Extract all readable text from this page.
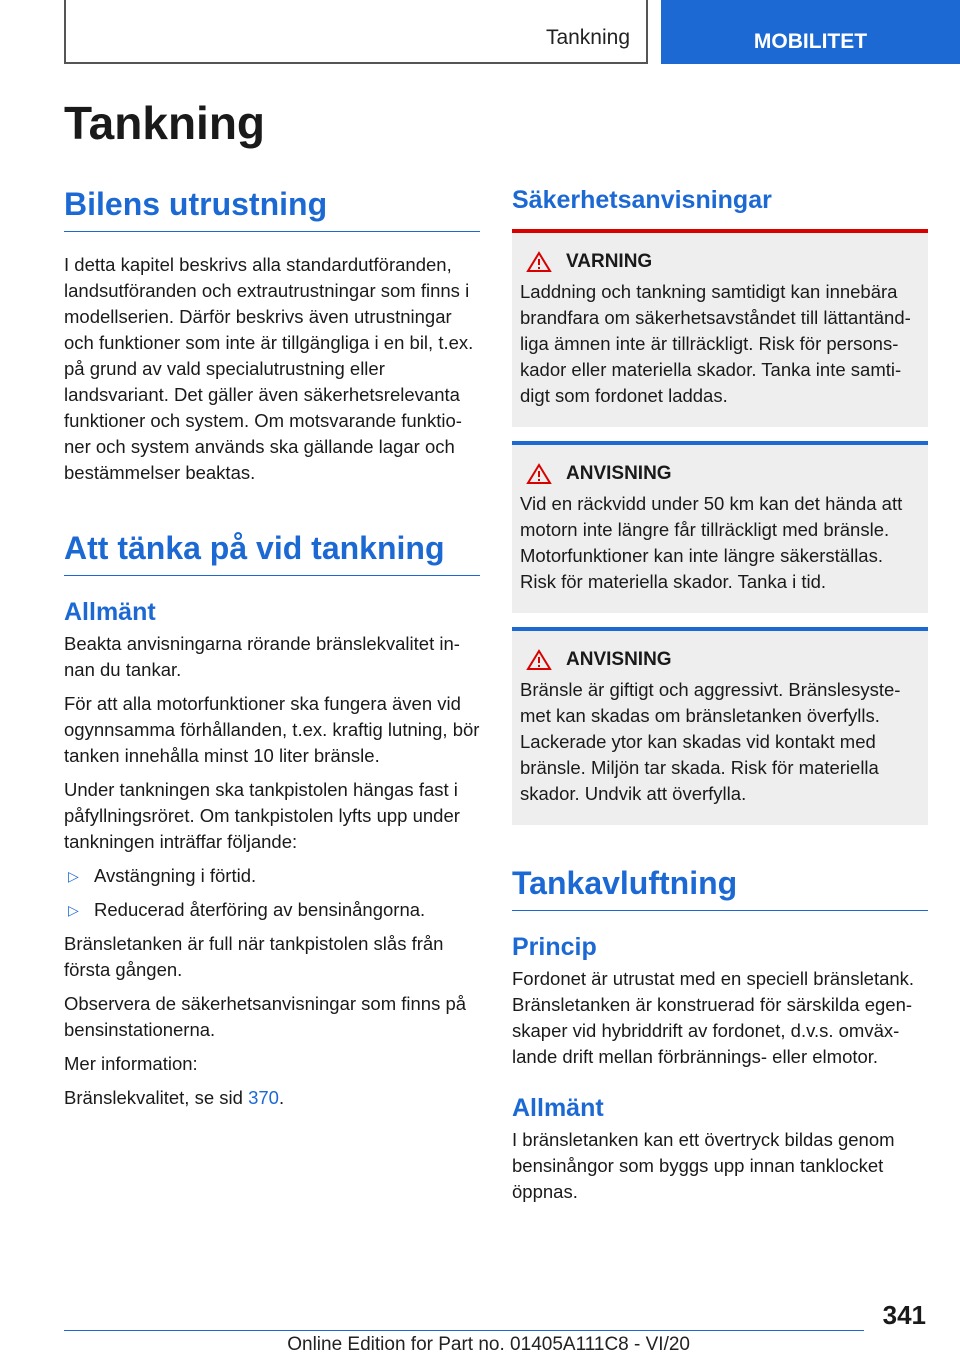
Tankning	MOBILITET
Tankning
Bilens utrustning

I detta kapitel beskrivs alla standardutföranden, landsutföranden och extrautrustningar som finns i modellserien. Därför beskrivs även utrustningar och funktioner som inte är tillgängliga i en bil, t.ex. på grund av vald specialutrustning eller landsvariant. Det gäller även säkerhetsrelevanta funktioner och system. Om motsvarande funktioner och system används ska gällande lagar och bestämmelser beaktas.

Att tänka på vid tankning
Allmänt

Beakta anvisningarna rörande bränslekvalitet innan du tankar.

För att alla motorfunktioner ska fungera även vid ogynnsamma förhållanden, t.ex. kraftig lutning, bör tanken innehålla minst 10 liter bränsle.

Under tankningen ska tankpistolen hängas fast i påfyllningsröret. Om tankpistolen lyfts upp under tankningen inträffar följande:

▷ Avstängning i förtid.
▷ Reducerad återföring av bensinångorna.

Bränsletanken är full när tankpistolen slås från första gången.

Observera de säkerhetsanvisningar som finns på bensinstationerna.

Mer information:

Bränslekvalitet, se sid 370.

Säkerhetsanvisningar
VARNING

Laddning och tankning samtidigt kan innebära brandfara om säkerhetsavståndet till lättantändliga ämnen inte är tillräckligt. Risk för personskador eller materiella skador. Tanka inte samtidigt som fordonet laddas.

ANVISNING

Vid en räckvidd under 50 km kan det hända att motorn inte längre får tillräckligt med bränsle. Motorfunktioner kan inte längre säkerställas. Risk för materiella skador. Tanka i tid.

ANVISNING

Bränsle är giftigt och aggressivt. Bränslesystemet kan skadas om bränsletanken överfylls. Lackerade ytor kan skadas vid kontakt med bränsle. Miljön tar skada. Risk för materiella skador. Undvik att överfylla.

Tankavluftning
Princip

Fordonet är utrustat med en speciell bränsletank. Bränsletanken är konstruerad för särskilda egenskaper vid hybriddrift av fordonet, d.v.s. omväxlande drift mellan förbrännings- eller elmotor.

Allmänt

I bränsletanken kan ett övertryck bildas genom bensinångor som byggs upp innan tanklocket öppnas.

341
Online Edition for Part no. 01405A111C8 - VI/20
